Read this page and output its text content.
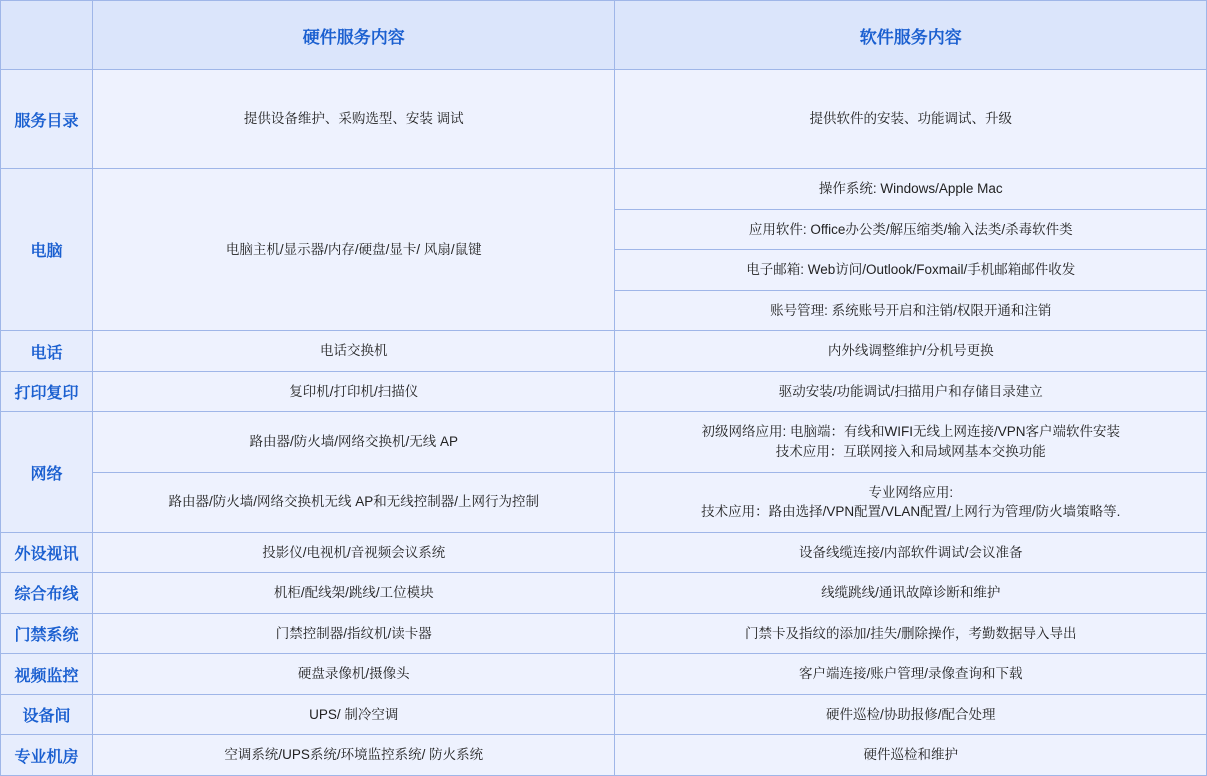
	硬件服务内容	软件服务内容
服务目录	提供设备维护、采购选型、安装 调试	提供软件的安装、功能调试、升级
电脑	电脑主机/显示器/内存/硬盘/显卡/ 风扇/鼠键	操作系统: Windows/Apple Mac
		应用软件: Office办公类/解压缩类/输入法类/杀毒软件类
		电子邮箱: Web访问/Outlook/Foxmail/手机邮箱邮件收发
		账号管理: 系统账号开启和注销/权限开通和注销
电话	电话交换机	内外线调整维护/分机号更换
打印复印	复印机/打印机/扫描仪	驱动安装/功能调试/扫描用户和存储目录建立
网络	路由器/防火墙/网络交换机/无线 AP	初级网络应用: 电脑端：有线和WIFI无线上网连接/VPN客户端软件安装
技术应用：互联网接入和局域网基本交换功能

	路由器/防火墙/网络交换机无线 AP和无线控制器/上网行为控制	专业网络应用:
技术应用：路由选择/VPN配置/VLAN配置/上网行为管理/防火墙策略等.

外设视讯	投影仪/电视机/音视频会议系统	设备线缆连接/内部软件调试/会议准备
综合布线	机柜/配线架/跳线/工位模块	线缆跳线/通讯故障诊断和维护
门禁系统	门禁控制器/指纹机/读卡器	门禁卡及指纹的添加/挂失/删除操作，考勤数据导入导出
视频监控	硬盘录像机/摄像头	客户端连接/账户管理/录像查询和下载
设备间	UPS/ 制冷空调	硬件巡检/协助报修/配合处理
专业机房	空调系统/UPS系统/环境监控系统/ 防火系统	硬件巡检和维护
